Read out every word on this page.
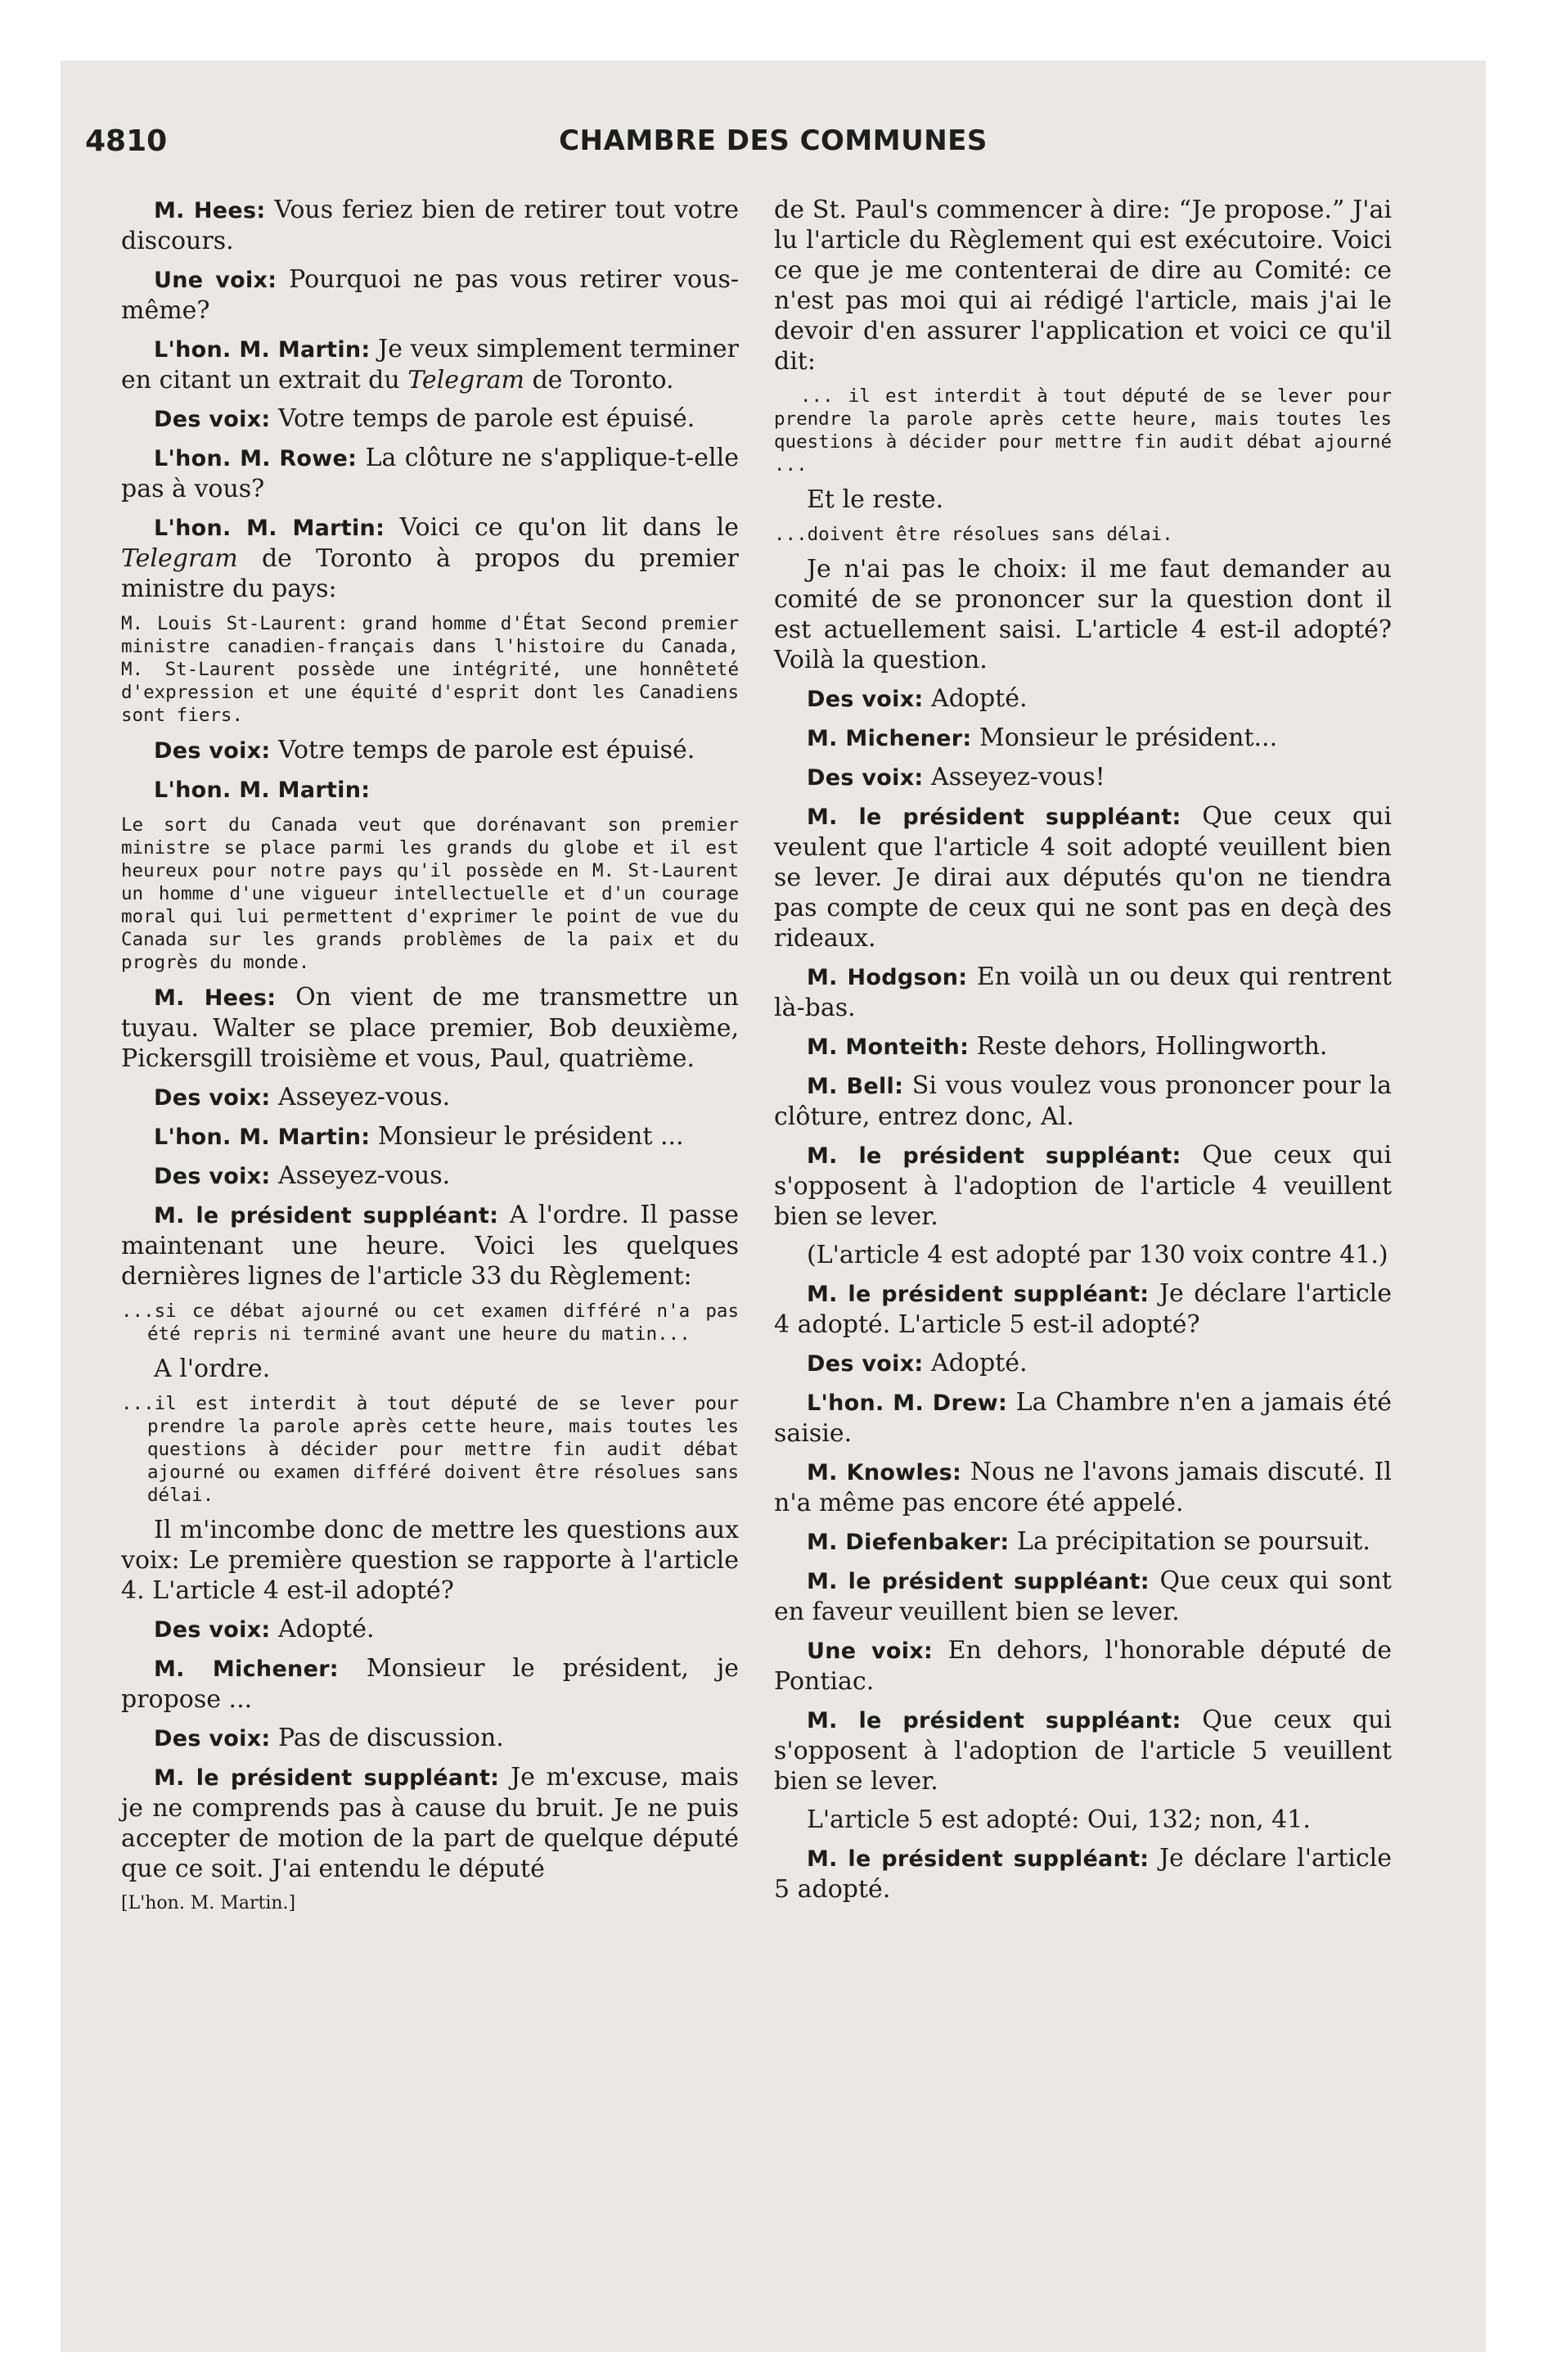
4810	CHAMBRE DES COMMUNES

M. Hees: Vous feriez bien de retirer tout votre discours.

Une voix: Pourquoi ne pas vous retirer vous-même?

L'hon. M. Martin: Je veux simplement terminer en citant un extrait du Telegram de Toronto.

Des voix: Votre temps de parole est épuisé.

L'hon. M. Rowe: La clôture ne s'applique-t-elle pas à vous?

L'hon. M. Martin: Voici ce qu'on lit dans le Telegram de Toronto à propos du premier ministre du pays:

M. Louis St-Laurent: grand homme d'État Second premier ministre canadien-français dans l'histoire du Canada, M. St-Laurent possède une intégrité, une honnêteté d'expression et une équité d'esprit dont les Canadiens sont fiers.

Des voix: Votre temps de parole est épuisé.

L'hon. M. Martin:

Le sort du Canada veut que dorénavant son premier ministre se place parmi les grands du globe et il est heureux pour notre pays qu'il possède en M. St-Laurent un homme d'une vigueur intellectuelle et d'un courage moral qui lui permettent d'exprimer le point de vue du Canada sur les grands problèmes de la paix et du progrès du monde.

M. Hees: On vient de me transmettre un tuyau. Walter se place premier, Bob deuxième, Pickersgill troisième et vous, Paul, quatrième.

Des voix: Asseyez-vous.

L'hon. M. Martin: Monsieur le président ...

Des voix: Asseyez-vous.

M. le président suppléant: A l'ordre. Il passe maintenant une heure. Voici les quelques dernières lignes de l'article 33 du Règlement:

...si ce débat ajourné ou cet examen différé n'a pas été repris ni terminé avant une heure du matin...

A l'ordre.

...il est interdit à tout député de se lever pour prendre la parole après cette heure, mais toutes les questions à décider pour mettre fin audit débat ajourné ou examen différé doivent être résolues sans délai.

Il m'incombe donc de mettre les questions aux voix: Le première question se rapporte à l'article 4. L'article 4 est-il adopté?

Des voix: Adopté.

M. Michener: Monsieur le président, je propose ...

Des voix: Pas de discussion.

M. le président suppléant: Je m'excuse, mais je ne comprends pas à cause du bruit. Je ne puis accepter de motion de la part de quelque député que ce soit. J'ai entendu le député

[L'hon. M. Martin.]

de St. Paul's commencer à dire: “Je propose.” J'ai lu l'article du Règlement qui est exécutoire. Voici ce que je me contenterai de dire au Comité: ce n'est pas moi qui ai rédigé l'article, mais j'ai le devoir d'en assurer l'application et voici ce qu'il dit:

... il est interdit à tout député de se lever pour prendre la parole après cette heure, mais toutes les questions à décider pour mettre fin audit débat ajourné ...

Et le reste.

...doivent être résolues sans délai.

Je n'ai pas le choix: il me faut demander au comité de se prononcer sur la question dont il est actuellement saisi. L'article 4 est-il adopté? Voilà la question.

Des voix: Adopté.

M. Michener: Monsieur le président...

Des voix: Asseyez-vous!

M. le président suppléant: Que ceux qui veulent que l'article 4 soit adopté veuillent bien se lever. Je dirai aux députés qu'on ne tiendra pas compte de ceux qui ne sont pas en deçà des rideaux.

M. Hodgson: En voilà un ou deux qui rentrent là-bas.

M. Monteith: Reste dehors, Hollingworth.

M. Bell: Si vous voulez vous prononcer pour la clôture, entrez donc, Al.

M. le président suppléant: Que ceux qui s'opposent à l'adoption de l'article 4 veuillent bien se lever.

(L'article 4 est adopté par 130 voix contre 41.)

M. le président suppléant: Je déclare l'article 4 adopté. L'article 5 est-il adopté?

Des voix: Adopté.

L'hon. M. Drew: La Chambre n'en a jamais été saisie.

M. Knowles: Nous ne l'avons jamais discuté. Il n'a même pas encore été appelé.

M. Diefenbaker: La précipitation se poursuit.

M. le président suppléant: Que ceux qui sont en faveur veuillent bien se lever.

Une voix: En dehors, l'honorable député de Pontiac.

M. le président suppléant: Que ceux qui s'opposent à l'adoption de l'article 5 veuillent bien se lever.

L'article 5 est adopté: Oui, 132; non, 41.

M. le président suppléant: Je déclare l'article 5 adopté.
